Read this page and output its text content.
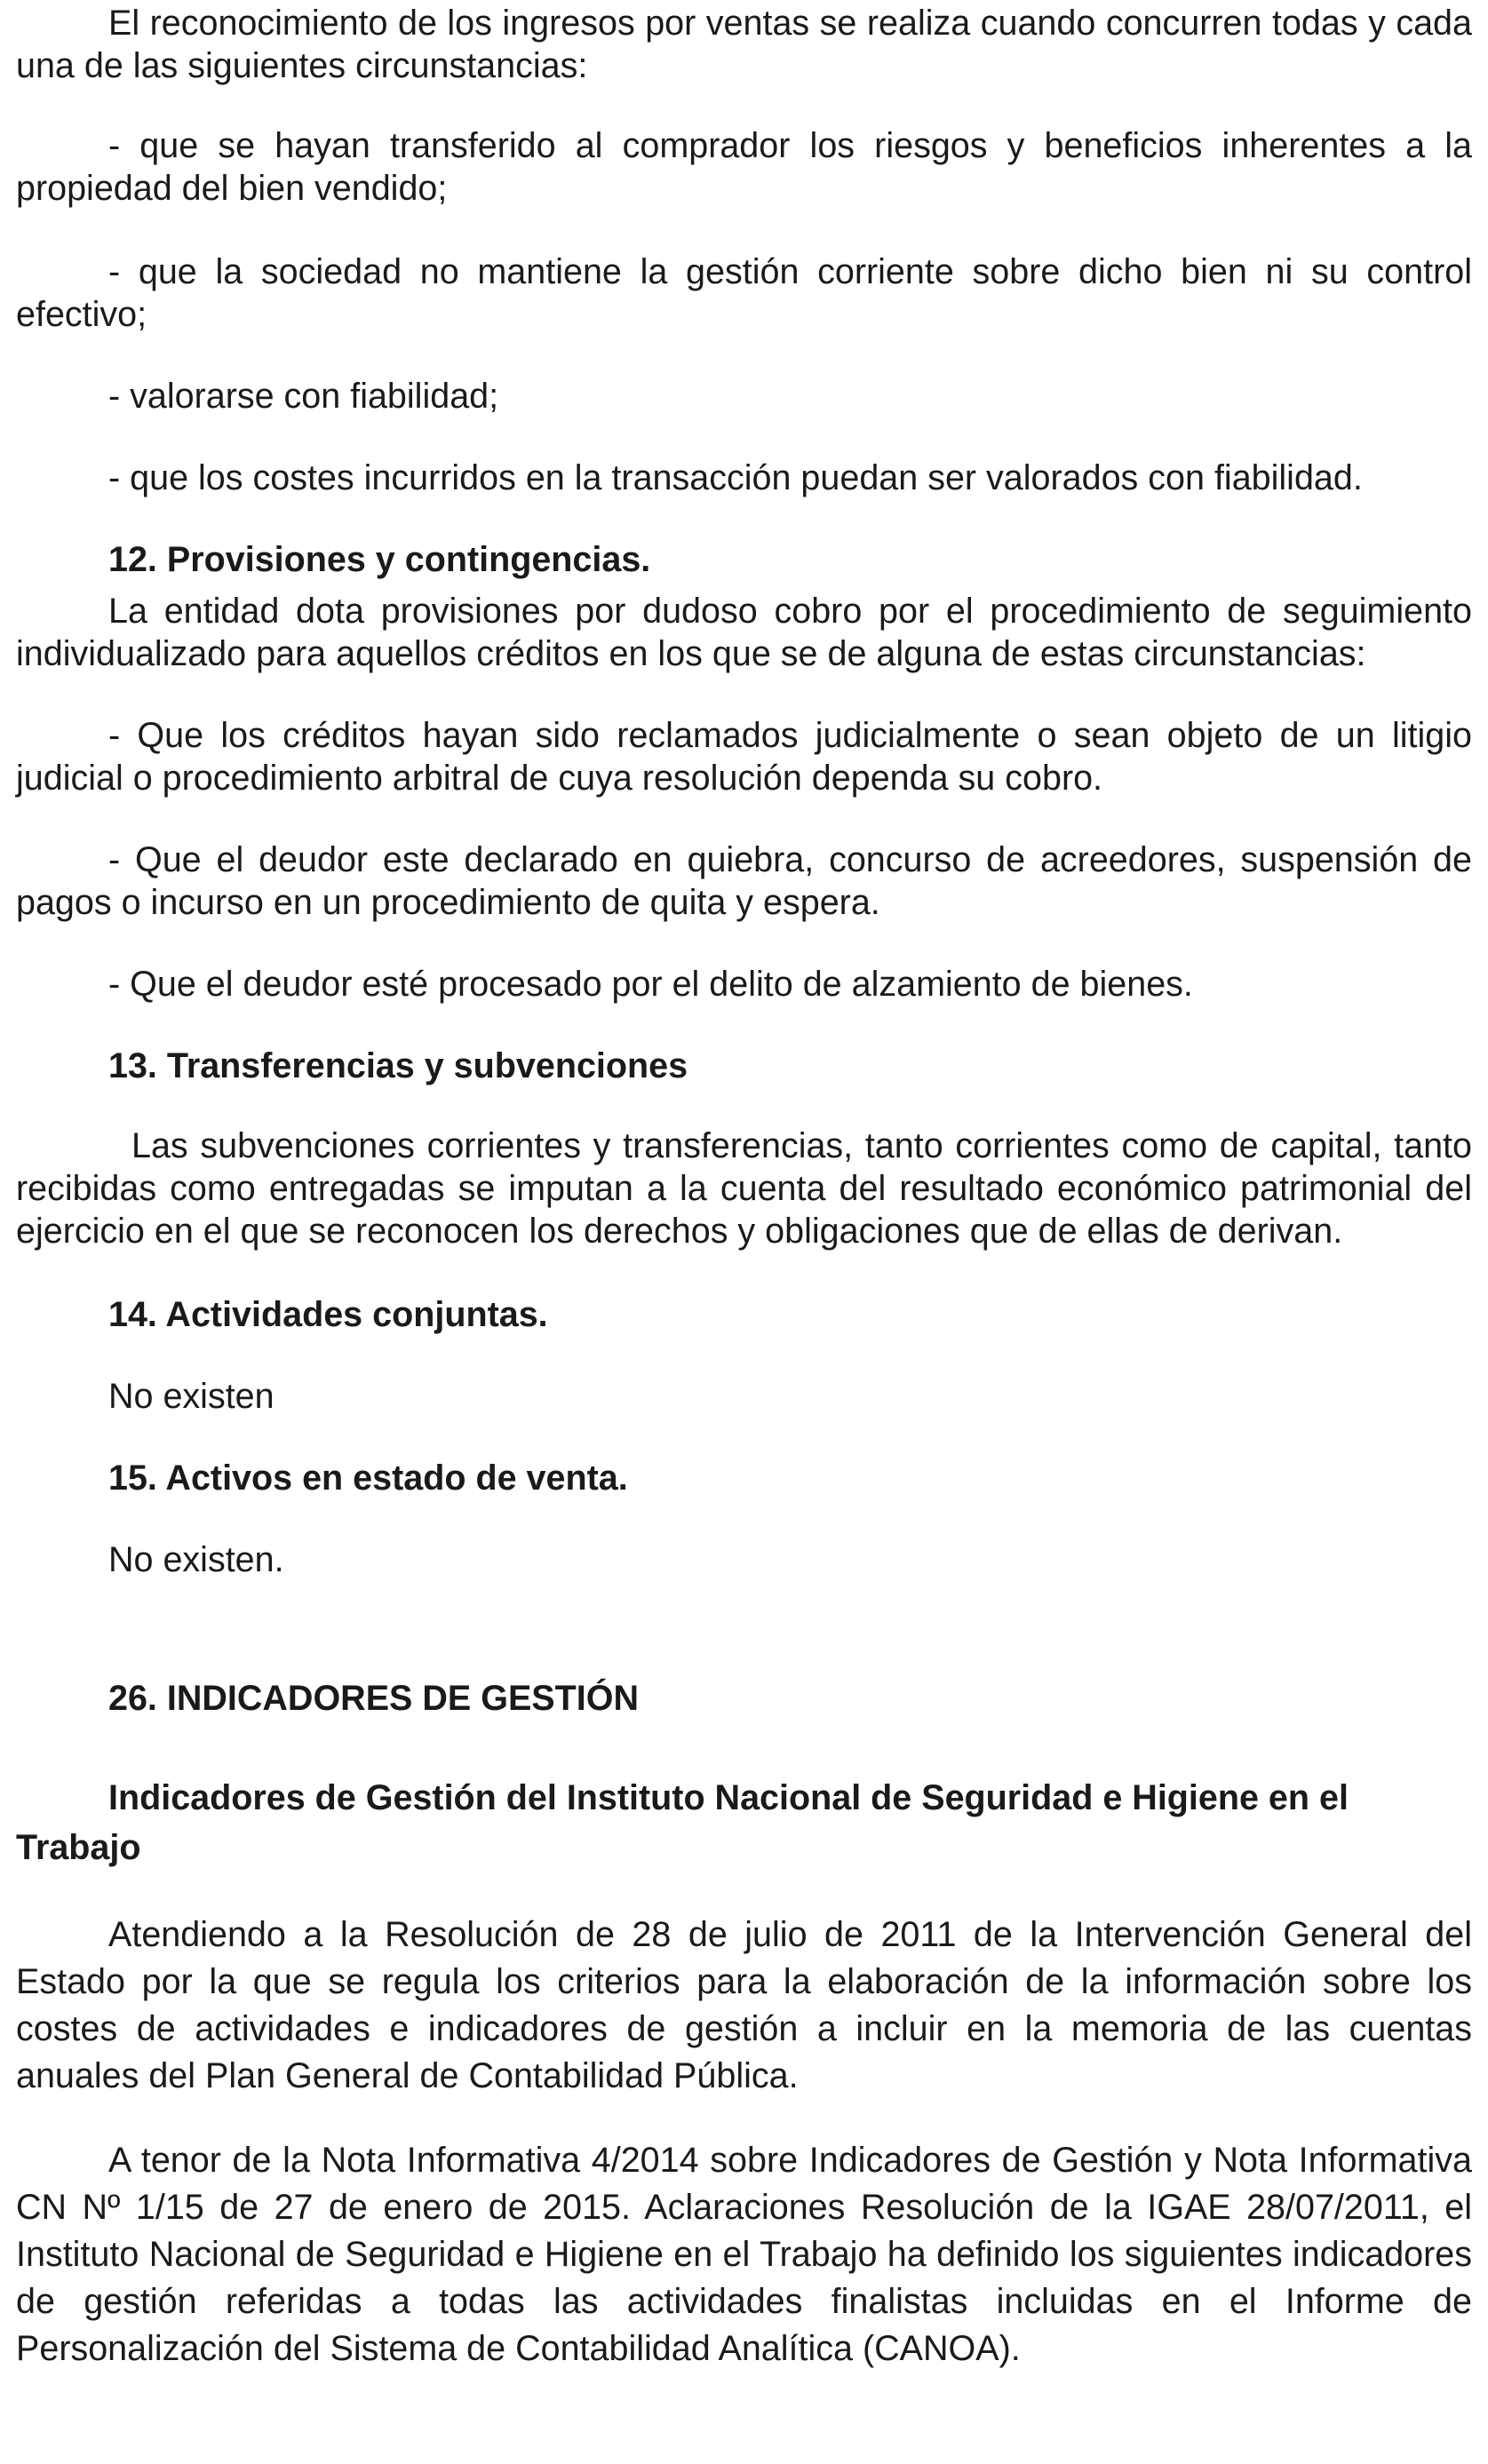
El reconocimiento de los ingresos por ventas se realiza cuando concurren todas y cada una de las siguientes circunstancias:

- que se hayan transferido al comprador los riesgos y beneficios inherentes a la propiedad del bien vendido;

- que la sociedad no mantiene la gestión corriente sobre dicho bien ni su control efectivo;

- valorarse con fiabilidad;

- que los costes incurridos en la transacción puedan ser valorados con fiabilidad.

12. Provisiones y contingencias.

La entidad dota provisiones por dudoso cobro por el procedimiento de seguimiento individualizado para aquellos créditos en los que se de alguna de estas circunstancias:

- Que los créditos hayan sido reclamados judicialmente o sean objeto de un litigio judicial o procedimiento arbitral de cuya resolución dependa su cobro.

- Que el deudor este declarado en quiebra, concurso de acreedores, suspensión de pagos o incurso en un procedimiento de quita y espera.

- Que el deudor esté procesado por el delito de alzamiento de bienes.

13. Transferencias y subvenciones

Las subvenciones corrientes y transferencias, tanto corrientes como de capital, tanto recibidas como entregadas se imputan a la cuenta del resultado económico patrimonial del ejercicio en el que se reconocen los derechos y obligaciones que de ellas de derivan.

14. Actividades conjuntas.

No existen

15. Activos en estado de venta.

No existen.

26. INDICADORES DE GESTIÓN

Indicadores de Gestión del Instituto Nacional de Seguridad e Higiene en el Trabajo

Atendiendo a la Resolución de 28 de julio de 2011 de la Intervención General del Estado por la que se regula los criterios para la elaboración de la información sobre los costes de actividades e indicadores de gestión a incluir en la memoria de las cuentas anuales del Plan General de Contabilidad Pública.

A tenor de la Nota Informativa 4/2014 sobre Indicadores de Gestión y Nota Informativa CN Nº 1/15 de 27 de enero de 2015. Aclaraciones Resolución de la IGAE 28/07/2011, el Instituto Nacional de Seguridad e Higiene en el Trabajo ha definido los siguientes indicadores de gestión referidas a todas las actividades finalistas incluidas en el Informe de Personalización del Sistema de Contabilidad Analítica (CANOA).
